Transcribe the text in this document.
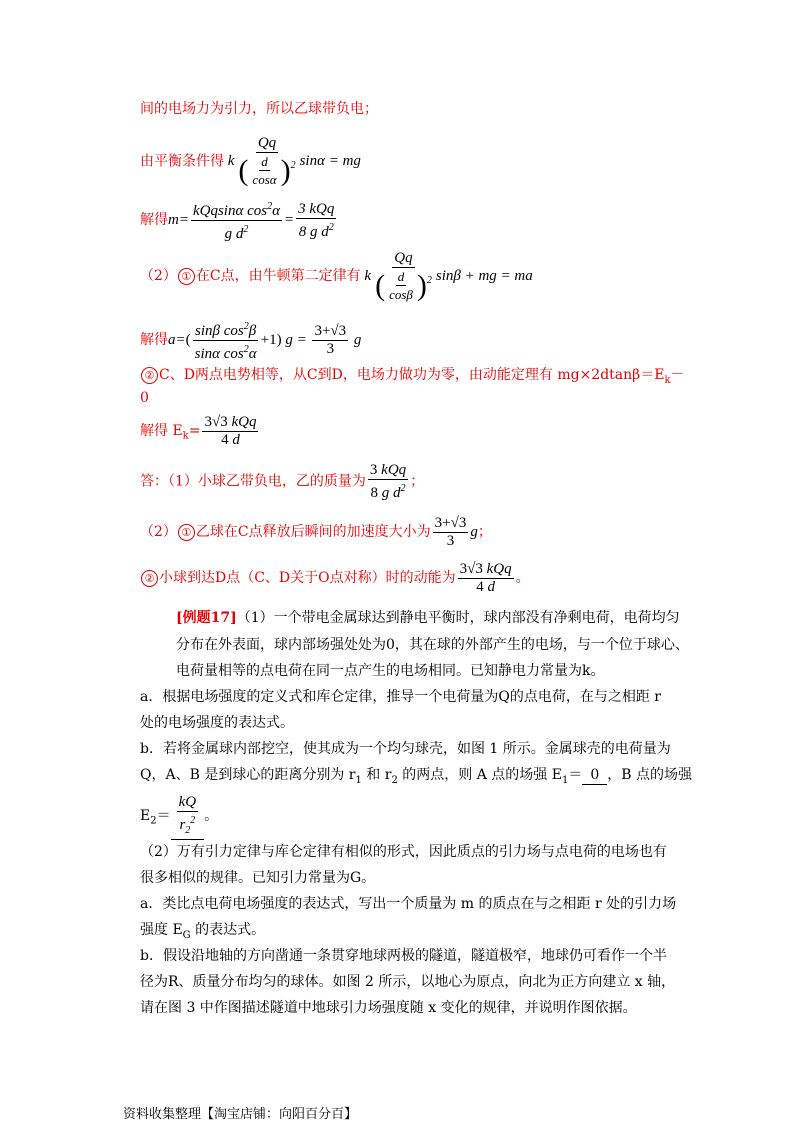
间的电场力为引力，所以乙球带负电；
由平衡条件得 k $\frac{Qq}{( \frac{d}{\cos\alpha} )^2}$ sinα = mg
解得$m= \frac{kQqsin\alpha \cos^2\alpha}{g d^2} = \frac{\text{3 kQq}}{8 g d^2}$
（2） ① 在C点，由牛顿第二定律有 k $\frac{Qq}{( \frac{d}{\cos\beta} )^2}$ sinβ + mg = ma
解得$a=( \frac{\sin\beta \cos^2\beta}{\sin\alpha \cos^2\alpha} +1)$ $g = \frac{3+√3}{3}$ g
② C、D两点电势相等，从C到D，电场力做功为零，由动能定理有 $mg\times 2dtan\beta=E_k-$
0
解得 $E_k= \frac{\text{3√3 kQq}}{4 d}$
答：（1）小球乙带负电，乙的质量为 $\frac{\text{3 kQq}}{8 g d^2}$ ；
（2） ① 乙球在C点释放后瞬间的加速度大小为 $\frac{3+√3}{3}$ g；
② 小球到达D点（C、D关于O点对称）时的动能为 $\frac{\text{3√3 kQq}}{4 d}$ 。
[例题17]（1）一个带电金属球达到静电平衡时，球内部没有净剩电荷，电荷均匀
分布在外表面，球内部场强处处为0，其在球的外部产生的电场，与一个位于球心、
电荷量相等的点电荷在同一点产生的电场相同。已知静电力常量为k。
a．根据电场强度的定义式和库仑定律，推导一个电荷量为Q的点电荷，在与之相距 r
处的电场强度的表达式。
b．若将金属球内部挖空，使其成为一个均匀球壳，如图 1 所示。金属球壳的电荷量为
Q，A、B 是到球心的距离分别为 $r_1$ 和 $r_2$ 的两点，则 A 点的场强 $E_1= 0$ ，B 点的场强
$E_2= \frac{kQ}{r_2^2}$ 。
（2）万有引力定律与库仑定律有相似的形式，因此质点的引力场与点电荷的电场也有
很多相似的规律。已知引力常量为G。
a．类比点电荷电场强度的表达式，写出一个质量为 m 的质点在与之相距 r 处的引力场
强度 $E_G$ 的表达式。
b．假设沿地轴的方向凿通一条贯穿地球两极的隧道，隧道极窄，地球仍可看作一个半
径为R、质量分布均匀的球体。如图 2 所示，以地心为原点，向北为正方向建立 x 轴，
请在图 3 中作图描述隧道中地球引力场强度随 x 变化的规律，并说明作图依据。
资料收集整理【淘宝店铺：向阳百分百】
